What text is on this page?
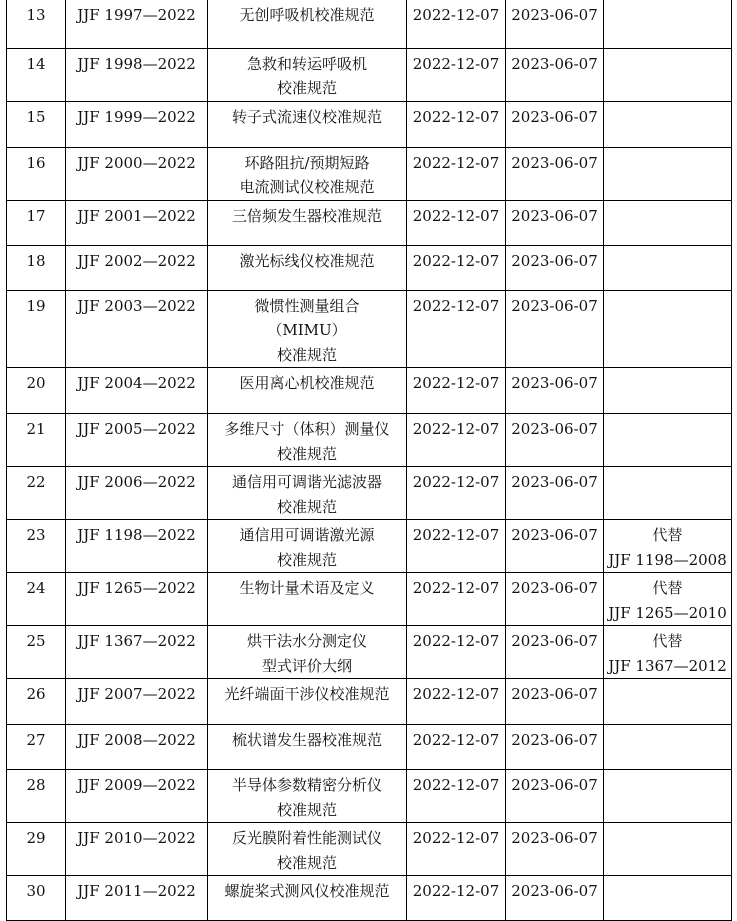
13	JJF 1997—2022	无创呼吸机校准规范	2022-12-07	2023-06-07	
14	JJF 1998—2022	急救和转运呼吸机
校准规范	2022-12-07	2023-06-07	
15	JJF 1999—2022	转子式流速仪校准规范	2022-12-07	2023-06-07	
16	JJF 2000—2022	环路阻抗/预期短路
电流测试仪校准规范	2022-12-07	2023-06-07	
17	JJF 2001—2022	三倍频发生器校准规范	2022-12-07	2023-06-07	
18	JJF 2002—2022	激光标线仪校准规范	2022-12-07	2023-06-07	
19	JJF 2003—2022	微惯性测量组合
（MIMU）
校准规范	2022-12-07	2023-06-07	
20	JJF 2004—2022	医用离心机校准规范	2022-12-07	2023-06-07	
21	JJF 2005—2022	多维尺寸（体积）测量仪
校准规范	2022-12-07	2023-06-07	
22	JJF 2006—2022	通信用可调谐光滤波器
校准规范	2022-12-07	2023-06-07	
23	JJF 1198—2022	通信用可调谐激光源
校准规范	2022-12-07	2023-06-07	代替
JJF 1198—2008

24	JJF 1265—2022	生物计量术语及定义	2022-12-07	2023-06-07	代替
JJF 1265—2010

25	JJF 1367—2022	烘干法水分测定仪
型式评价大纲	2022-12-07	2023-06-07	代替
JJF 1367—2012

26	JJF 2007—2022	光纤端面干涉仪校准规范	2022-12-07	2023-06-07	
27	JJF 2008—2022	梳状谱发生器校准规范	2022-12-07	2023-06-07	
28	JJF 2009—2022	半导体参数精密分析仪
校准规范	2022-12-07	2023-06-07	
29	JJF 2010—2022	反光膜附着性能测试仪
校准规范	2022-12-07	2023-06-07	
30	JJF 2011—2022	螺旋桨式测风仪校准规范	2022-12-07	2023-06-07	
